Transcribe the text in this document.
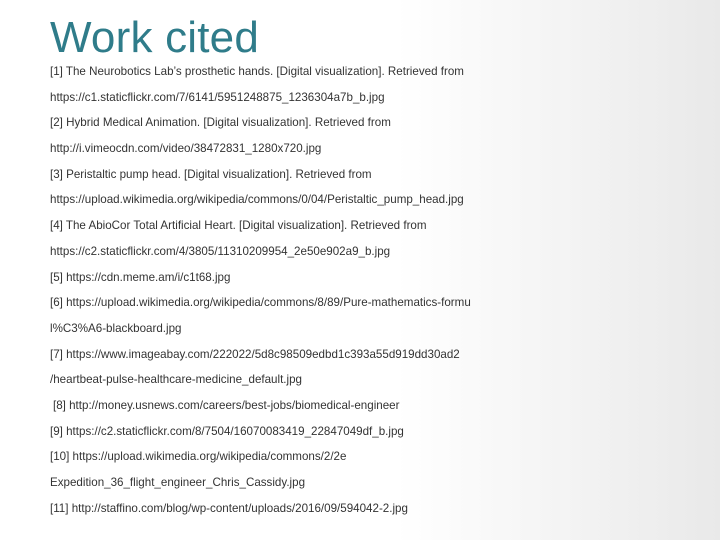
Work cited
[1] The Neurobotics Lab’s prosthetic hands. [Digital visualization]. Retrieved from
https://c1.staticflickr.com/7/6141/5951248875_1236304a7b_b.jpg
[2] Hybrid Medical Animation. [Digital visualization]. Retrieved from
http://i.vimeocdn.com/video/38472831_1280x720.jpg
[3] Peristaltic pump head. [Digital visualization]. Retrieved from
https://upload.wikimedia.org/wikipedia/commons/0/04/Peristaltic_pump_head.jpg
[4] The AbioCor Total Artificial Heart. [Digital visualization]. Retrieved from
https://c2.staticflickr.com/4/3805/11310209954_2e50e902a9_b.jpg
[5] https://cdn.meme.am/i/c1t68.jpg
[6] https://upload.wikimedia.org/wikipedia/commons/8/89/Pure-mathematics-formu
l%C3%A6-blackboard.jpg
[7] https://www.imageabay.com/222022/5d8c98509edbd1c393a55d919dd30ad2
/heartbeat-pulse-healthcare-medicine_default.jpg
[8] http://money.usnews.com/careers/best-jobs/biomedical-engineer
[9] https://c2.staticflickr.com/8/7504/16070083419_22847049df_b.jpg
[10] https://upload.wikimedia.org/wikipedia/commons/2/2e
Expedition_36_flight_engineer_Chris_Cassidy.jpg
[11] http://staffino.com/blog/wp-content/uploads/2016/09/594042-2.jpg
